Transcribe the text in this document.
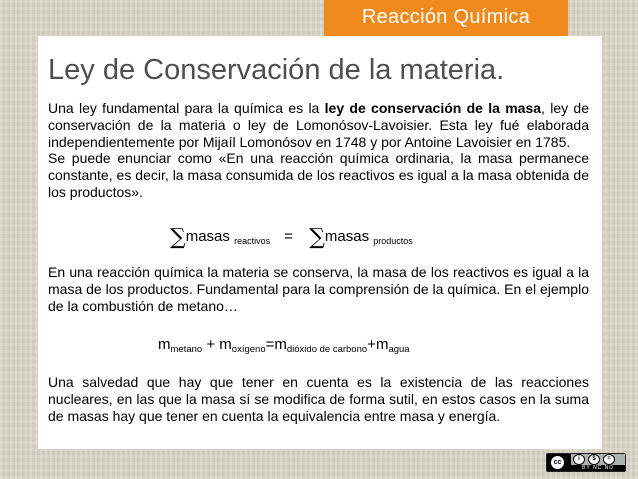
Reacción Química
Ley de Conservación de la materia.
Una ley fundamental para la química es la ley de conservación de la masa, ley de conservación de la materia o ley de Lomonósov-Lavoisier. Esta ley fué elaborada independientemente por Mijaíl Lomonósov en 1748 y por Antoine Lavoisier en 1785.
Se puede enunciar como «En una reacción química ordinaria, la masa permanece constante, es decir, la masa consumida de los reactivos es igual a la masa obtenida de los productos».
∑masas $_{reactivos}$ = ∑masas $_{productos}$
En una reacción química la materia se conserva, la masa de los reactivos es igual a la masa de los productos. Fundamental para la comprensión de la química. En el ejemplo de la combustión de metano…
$m_{metano} + m_{oxígeno}=m_{dióxido de carbono}+m_{agua}$
Una salvedad que hay que tener en cuenta es la existencia de las reacciones nucleares, en las que la masa sí se modifica de forma sutil, en estos casos en la suma de masas hay que tener en cuenta la equivalencia entre masa y energía.
cc	i	$	=
BY NC ND
